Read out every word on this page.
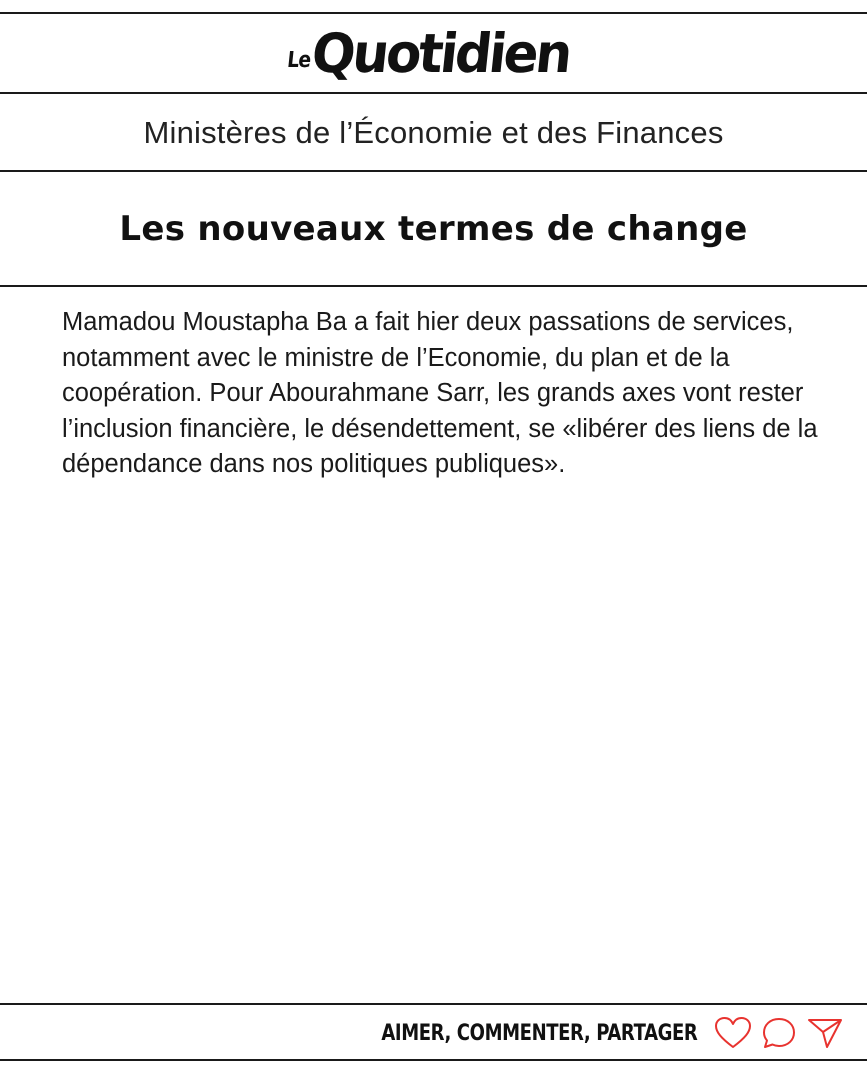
Le
Quotidien
Ministères de l’Économie et des Finances
Les nouveaux termes de change

Mamadou Moustapha Ba a fait hier deux passations de services, notamment avec le ministre de l’Economie, du plan et de la coopération. Pour Abourahmane Sarr, les grands axes vont rester l’inclusion financière, le désendettement, se «libérer des liens de la dépendance dans nos politiques publiques».

AIMER, COMMENTER, PARTAGER
